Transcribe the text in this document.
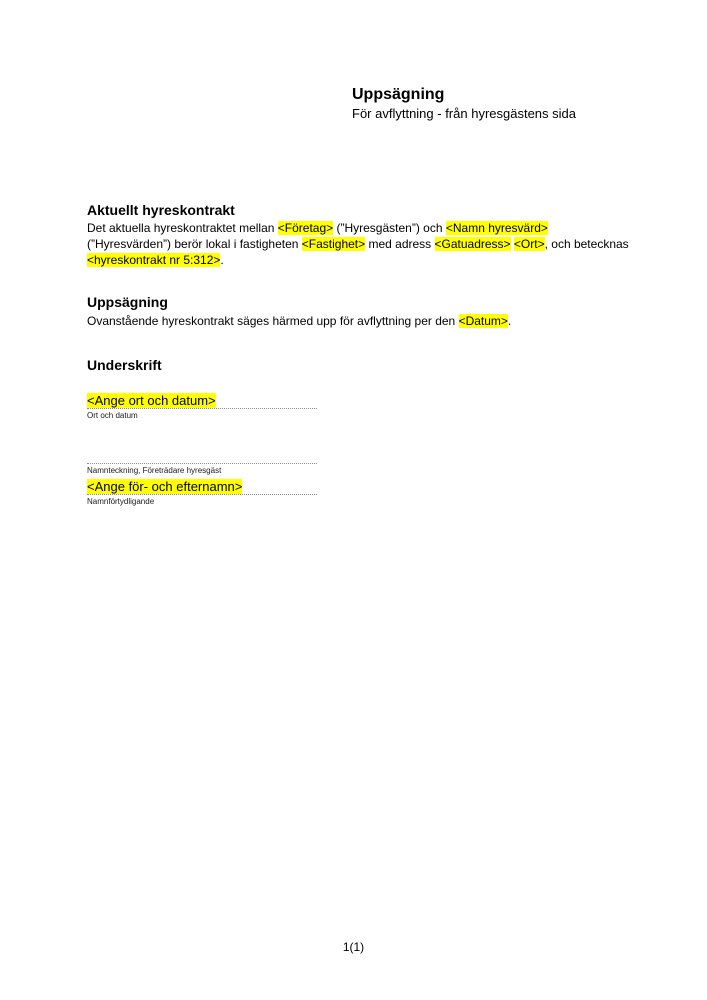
Uppsägning
För avflyttning - från hyresgästens sida
Aktuellt hyreskontrakt
Det aktuella hyreskontraktet mellan <Företag> (”Hyresgästen”) och <Namn hyresvärd>
(”Hyresvärden”) berör lokal i fastigheten <Fastighet> med adress <Gatuadress> <Ort>, och betecknas
<hyreskontrakt nr 5:312>.
Uppsägning
Ovanstående hyreskontrakt säges härmed upp för avflyttning per den <Datum>.
Underskrift
<Ange ort och datum>
Ort och datum
Namnteckning, Företrädare hyresgäst
<Ange för- och efternamn>
Namnförtydligande
1(1)
